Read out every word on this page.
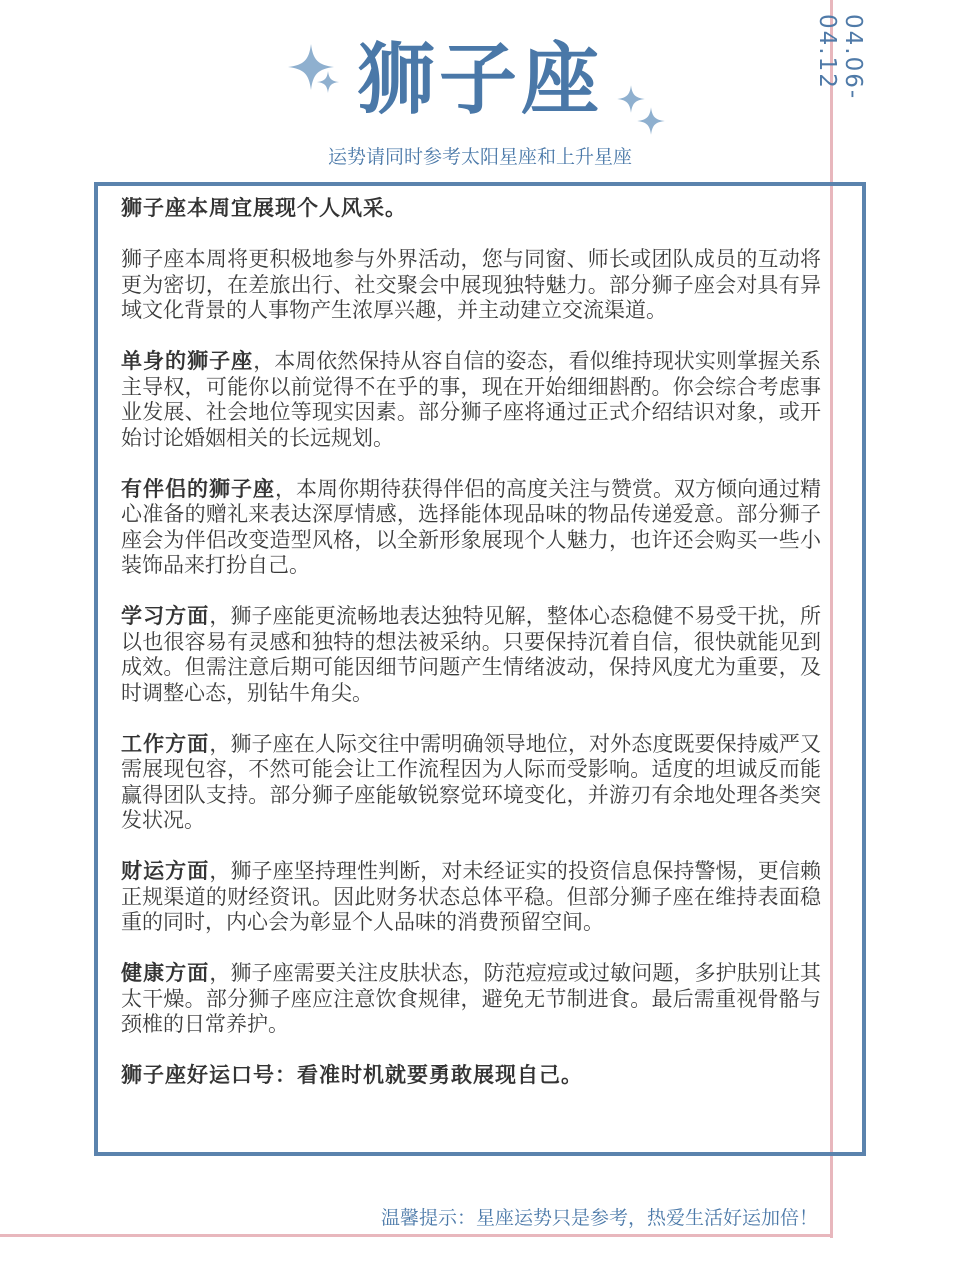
04.06-04.12
狮子座
运势请同时参考太阳星座和上升星座

狮子座本周宜展现个人风采。

狮子座本周将更积极地参与外界活动，您与同窗、师长或团队成员的互动将更为密切，在差旅出行、社交聚会中展现独特魅力。部分狮子座会对具有异域文化背景的人事物产生浓厚兴趣，并主动建立交流渠道。

单身的狮子座，本周依然保持从容自信的姿态，看似维持现状实则掌握关系主导权，可能你以前觉得不在乎的事，现在开始细细斟酌。你会综合考虑事业发展、社会地位等现实因素。部分狮子座将通过正式介绍结识对象，或开始讨论婚姻相关的长远规划。

有伴侣的狮子座，本周你期待获得伴侣的高度关注与赞赏。双方倾向通过精心准备的赠礼来表达深厚情感，选择能体现品味的物品传递爱意。部分狮子座会为伴侣改变造型风格，以全新形象展现个人魅力，也许还会购买一些小装饰品来打扮自己。

学习方面，狮子座能更流畅地表达独特见解，整体心态稳健不易受干扰，所以也很容易有灵感和独特的想法被采纳。只要保持沉着自信，很快就能见到成效。但需注意后期可能因细节问题产生情绪波动，保持风度尤为重要，及时调整心态，别钻牛角尖。

工作方面，狮子座在人际交往中需明确领导地位，对外态度既要保持威严又需展现包容，不然可能会让工作流程因为人际而受影响。适度的坦诚反而能赢得团队支持。部分狮子座能敏锐察觉环境变化，并游刃有余地处理各类突发状况。

财运方面，狮子座坚持理性判断，对未经证实的投资信息保持警惕，更信赖正规渠道的财经资讯。因此财务状态总体平稳。但部分狮子座在维持表面稳重的同时，内心会为彰显个人品味的消费预留空间。

健康方面，狮子座需要关注皮肤状态，防范痘痘或过敏问题，多护肤别让其太干燥。部分狮子座应注意饮食规律，避免无节制进食。最后需重视骨骼与颈椎的日常养护。

狮子座好运口号：看准时机就要勇敢展现自己。

温馨提示：星座运势只是参考，热爱生活好运加倍！
